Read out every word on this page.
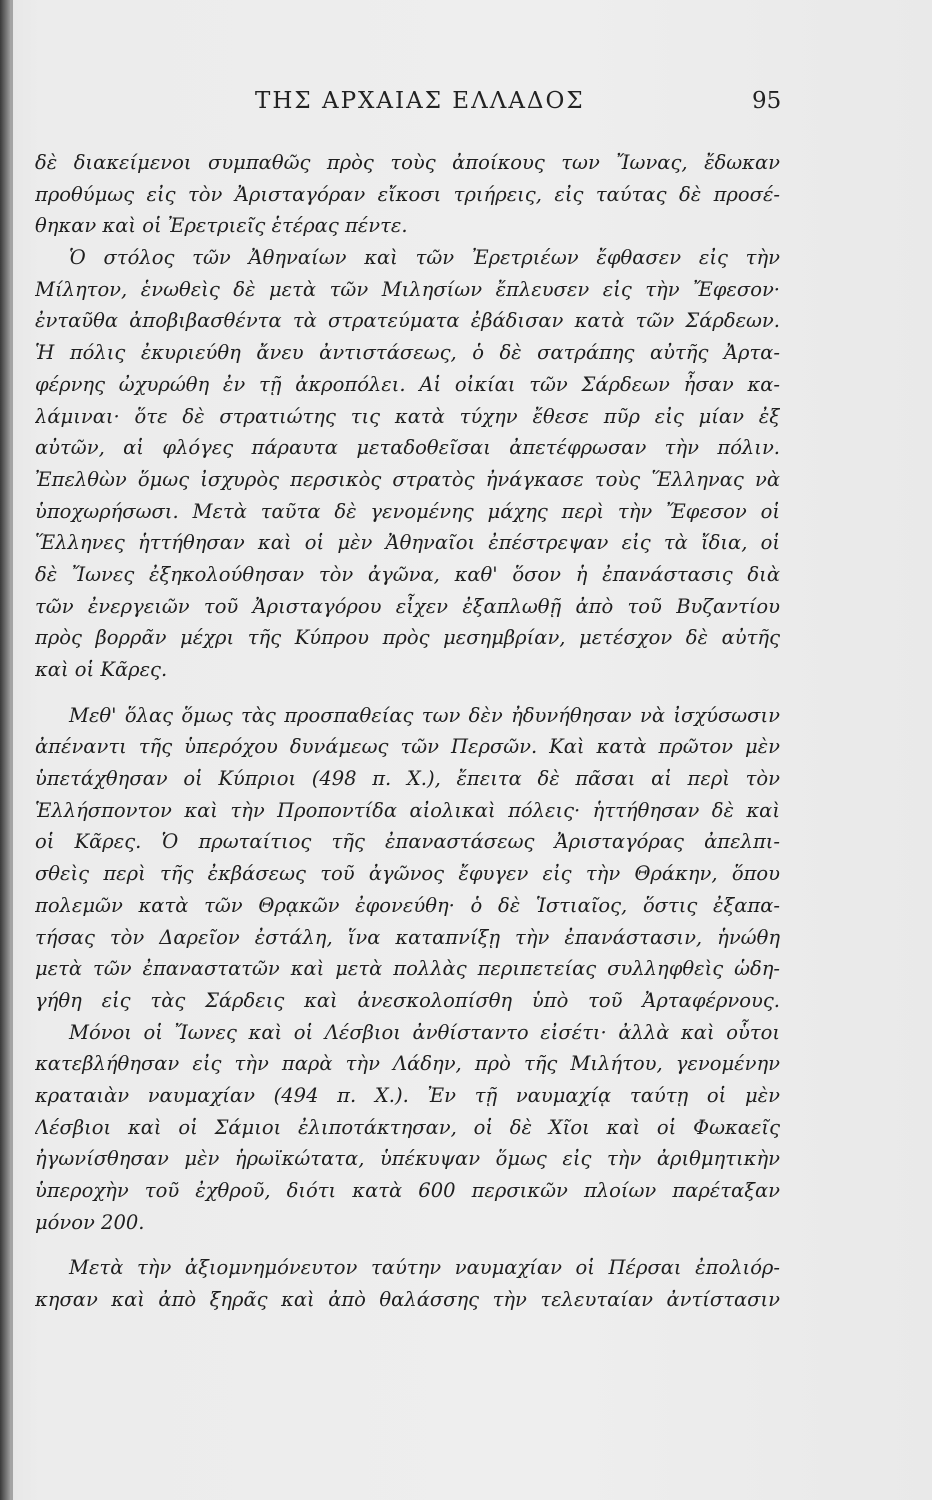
ΤΗΣ ΑΡΧΑΙΑΣ ΕΛΛΑΔΟΣ	95
δὲ διακείμενοι συμπαθῶς πρὸς τοὺς ἀποίκους των Ἴωνας, ἔδωκαν
προθύμως εἰς τὸν Ἀρισταγόραν εἴκοσι τριήρεις, εἰς ταύτας δὲ προσέ-
θηκαν καὶ οἱ Ἐρετριεῖς ἑτέρας πέντε.
Ὁ στόλος τῶν Ἀθηναίων καὶ τῶν Ἐρετριέων ἔφθασεν εἰς τὴν
Μίλητον, ἑνωθεὶς δὲ μετὰ τῶν Μιλησίων ἔπλευσεν εἰς τὴν Ἔφεσον·
ἐνταῦθα ἀποβιβασθέντα τὰ στρατεύματα ἐβάδισαν κατὰ τῶν Σάρδεων.
Ἡ πόλις ἐκυριεύθη ἄνευ ἀντιστάσεως, ὁ δὲ σατράπης αὐτῆς Ἀρτα-
φέρνης ὠχυρώθη ἐν τῇ ἀκροπόλει. Αἱ οἰκίαι τῶν Σάρδεων ἦσαν κα-
λάμιναι· ὅτε δὲ στρατιώτης τις κατὰ τύχην ἔθεσε πῦρ εἰς μίαν ἐξ
αὐτῶν, αἱ φλόγες πάραυτα μεταδοθεῖσαι ἀπετέφρωσαν τὴν πόλιν.
Ἐπελθὼν ὅμως ἰσχυρὸς περσικὸς στρατὸς ἠνάγκασε τοὺς Ἕλληνας νὰ
ὑποχωρήσωσι. Μετὰ ταῦτα δὲ γενομένης μάχης περὶ τὴν Ἔφεσον οἱ
Ἕλληνες ἡττήθησαν καὶ οἱ μὲν Ἀθηναῖοι ἐπέστρεψαν εἰς τὰ ἴδια, οἱ
δὲ Ἴωνες ἐξηκολούθησαν τὸν ἀγῶνα, καθ' ὅσον ἡ ἐπανάστασις διὰ
τῶν ἐνεργειῶν τοῦ Ἀρισταγόρου εἶχεν ἐξαπλωθῇ ἀπὸ τοῦ Βυζαντίου
πρὸς βορρᾶν μέχρι τῆς Κύπρου πρὸς μεσημβρίαν, μετέσχον δὲ αὐτῆς
καὶ οἱ Κᾶρες.
Μεθ' ὅλας ὅμως τὰς προσπαθείας των δὲν ἠδυνήθησαν νὰ ἰσχύσωσιν
ἀπέναντι τῆς ὑπερόχου δυνάμεως τῶν Περσῶν. Καὶ κατὰ πρῶτον μὲν
ὑπετάχθησαν οἱ Κύπριοι (498 π. Χ.), ἔπειτα δὲ πᾶσαι αἱ περὶ τὸν
Ἑλλήσποντον καὶ τὴν Προποντίδα αἰολικαὶ πόλεις· ἡττήθησαν δὲ καὶ
οἱ Κᾶρες. Ὁ πρωταίτιος τῆς ἐπαναστάσεως Ἀρισταγόρας ἀπελπι-
σθεὶς περὶ τῆς ἐκβάσεως τοῦ ἀγῶνος ἔφυγεν εἰς τὴν Θράκην, ὅπου
πολεμῶν κατὰ τῶν Θρᾳκῶν ἐφονεύθη· ὁ δὲ Ἱστιαῖος, ὅστις ἐξαπα-
τήσας τὸν Δαρεῖον ἐστάλη, ἵνα καταπνίξῃ τὴν ἐπανάστασιν, ἡνώθη
μετὰ τῶν ἐπαναστατῶν καὶ μετὰ πολλὰς περιπετείας συλληφθεὶς ὡδη-
γήθη εἰς τὰς Σάρδεις καὶ ἀνεσκολοπίσθη ὑπὸ τοῦ Ἀρταφέρνους.
Μόνοι οἱ Ἴωνες καὶ οἱ Λέσβιοι ἀνθίσταντο εἰσέτι· ἀλλὰ καὶ οὗτοι
κατεβλήθησαν εἰς τὴν παρὰ τὴν Λάδην, πρὸ τῆς Μιλήτου, γενομένην
κραταιὰν ναυμαχίαν (494 π. Χ.). Ἐν τῇ ναυμαχίᾳ ταύτῃ οἱ μὲν
Λέσβιοι καὶ οἱ Σάμιοι ἐλιποτάκτησαν, οἱ δὲ Χῖοι καὶ οἱ Φωκαεῖς
ἠγωνίσθησαν μὲν ἡρωϊκώτατα, ὑπέκυψαν ὅμως εἰς τὴν ἀριθμητικὴν
ὑπεροχὴν τοῦ ἐχθροῦ, διότι κατὰ 600 περσικῶν πλοίων παρέταξαν
μόνον 200.
Μετὰ τὴν ἀξιομνημόνευτον ταύτην ναυμαχίαν οἱ Πέρσαι ἐπολιόρ-
κησαν καὶ ἀπὸ ξηρᾶς καὶ ἀπὸ θαλάσσης τὴν τελευταίαν ἀντίστασιν
